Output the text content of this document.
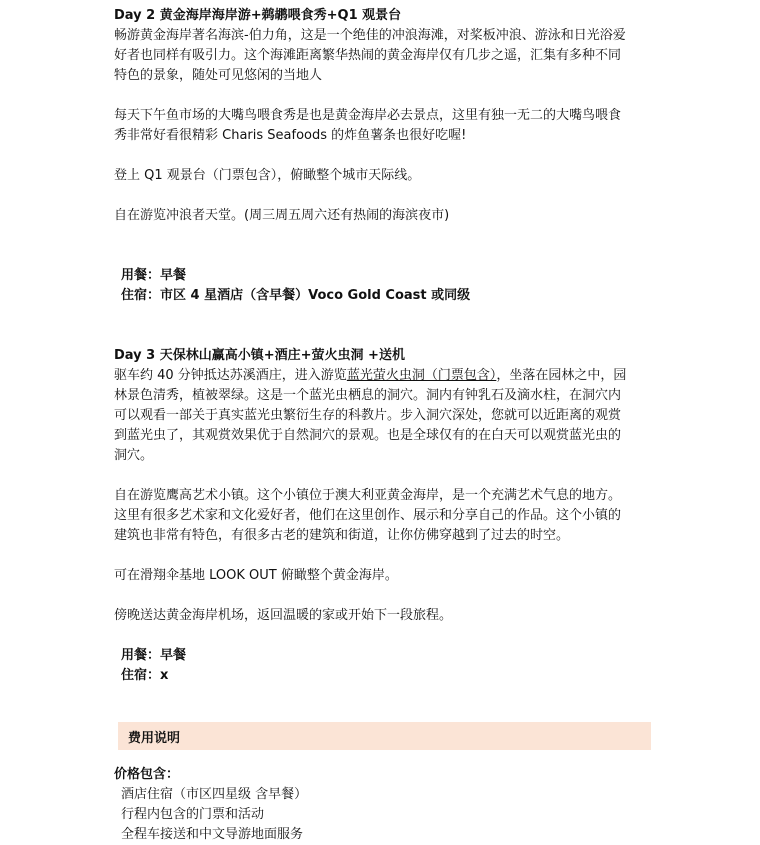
Day 2 黄金海岸海岸游+鹈鹕喂食秀+Q1 观景台
畅游黄金海岸著名海滨-伯力角，这是一个绝佳的冲浪海滩，对桨板冲浪、游泳和日光浴爱
好者也同样有吸引力。这个海滩距离繁华热闹的黄金海岸仅有几步之遥，汇集有多种不同
特色的景象，随处可见悠闲的当地人
每天下午鱼市场的大嘴鸟喂食秀是也是黄金海岸必去景点，这里有独一无二的大嘴鸟喂食
秀非常好看很精彩 Charis Seafoods 的炸鱼薯条也很好吃喔!
登上 Q1 观景台（门票包含），俯瞰整个城市天际线。
自在游览冲浪者天堂。(周三周五周六还有热闹的海滨夜市)
用餐：早餐
住宿：市区 4 星酒店（含早餐）Voco Gold Coast 或同级
Day 3 天保林山赢高小镇+酒庄+萤火虫洞 +送机
驱车约 40 分钟抵达苏溪酒庄，进入游览蓝光萤火虫洞（门票包含），坐落在园林之中，园
林景色清秀，植被翠绿。这是一个蓝光虫栖息的洞穴。洞内有钟乳石及滴水柱，在洞穴内
可以观看一部关于真实蓝光虫繁衍生存的科教片。步入洞穴深处，您就可以近距离的观赏
到蓝光虫了，其观赏效果优于自然洞穴的景观。也是全球仅有的在白天可以观赏蓝光虫的
洞穴。
自在游览鹰高艺术小镇。这个小镇位于澳大利亚黄金海岸，是一个充满艺术气息的地方。
这里有很多艺术家和文化爱好者，他们在这里创作、展示和分享自己的作品。这个小镇的
建筑也非常有特色，有很多古老的建筑和街道，让你仿佛穿越到了过去的时空。
可在滑翔伞基地 LOOK OUT 俯瞰整个黄金海岸。
傍晚送达黄金海岸机场，返回温暖的家或开始下一段旅程。
用餐：早餐
住宿：x
费用说明
价格包含：
酒店住宿（市区四星级 含早餐）
行程内包含的门票和活动
全程车接送和中文导游地面服务
